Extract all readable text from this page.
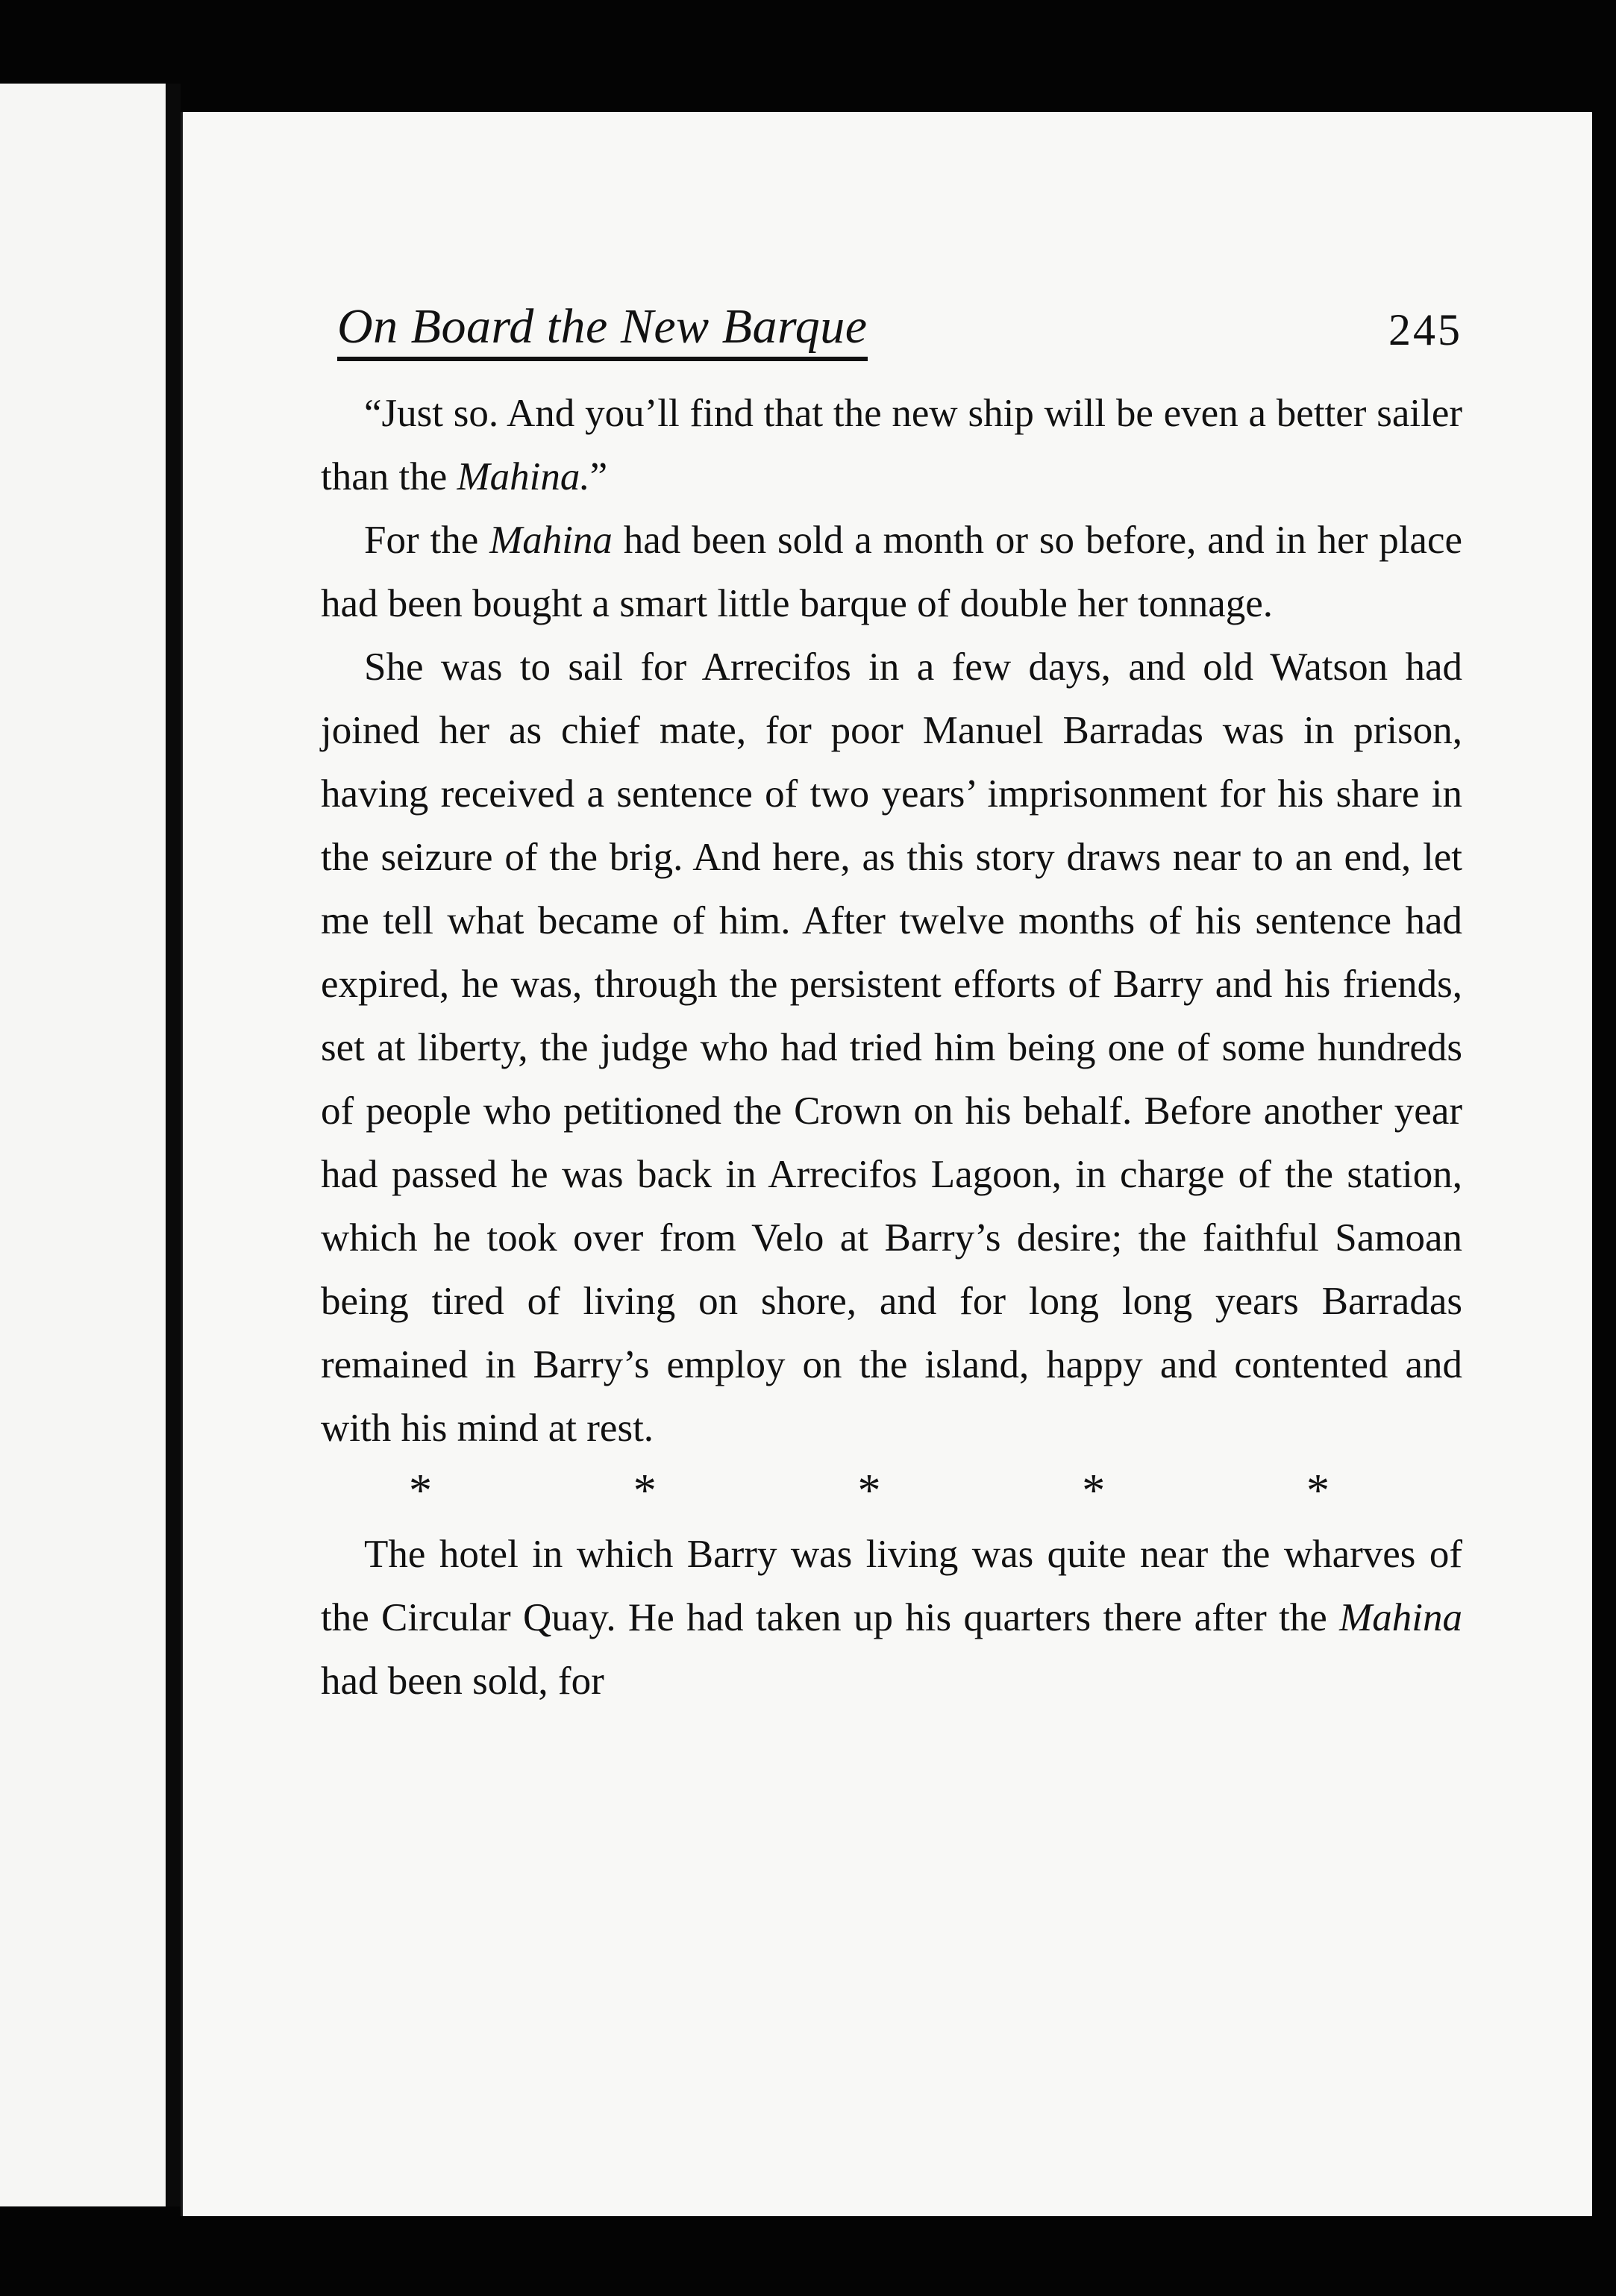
On Board the New Barque	245

“Just so. And you’ll find that the new ship will be even a better sailer than the Mahina.”

For the Mahina had been sold a month or so before, and in her place had been bought a smart little barque of double her tonnage.

She was to sail for Arrecifos in a few days, and old Watson had joined her as chief mate, for poor Manuel Barradas was in prison, having received a sentence of two years’ imprisonment for his share in the seizure of the brig. And here, as this story draws near to an end, let me tell what became of him. After twelve months of his sentence had expired, he was, through the persistent efforts of Barry and his friends, set at liberty, the judge who had tried him being one of some hundreds of people who petitioned the Crown on his behalf. Before another year had passed he was back in Arrecifos Lagoon, in charge of the station, which he took over from Velo at Barry’s desire; the faithful Samoan being tired of living on shore, and for long long years Barradas remained in Barry’s employ on the island, happy and contented and with his mind at rest.

*	*	*	*	*

The hotel in which Barry was living was quite near the wharves of the Circular Quay. He had taken up his quarters there after the Mahina had been sold, for
